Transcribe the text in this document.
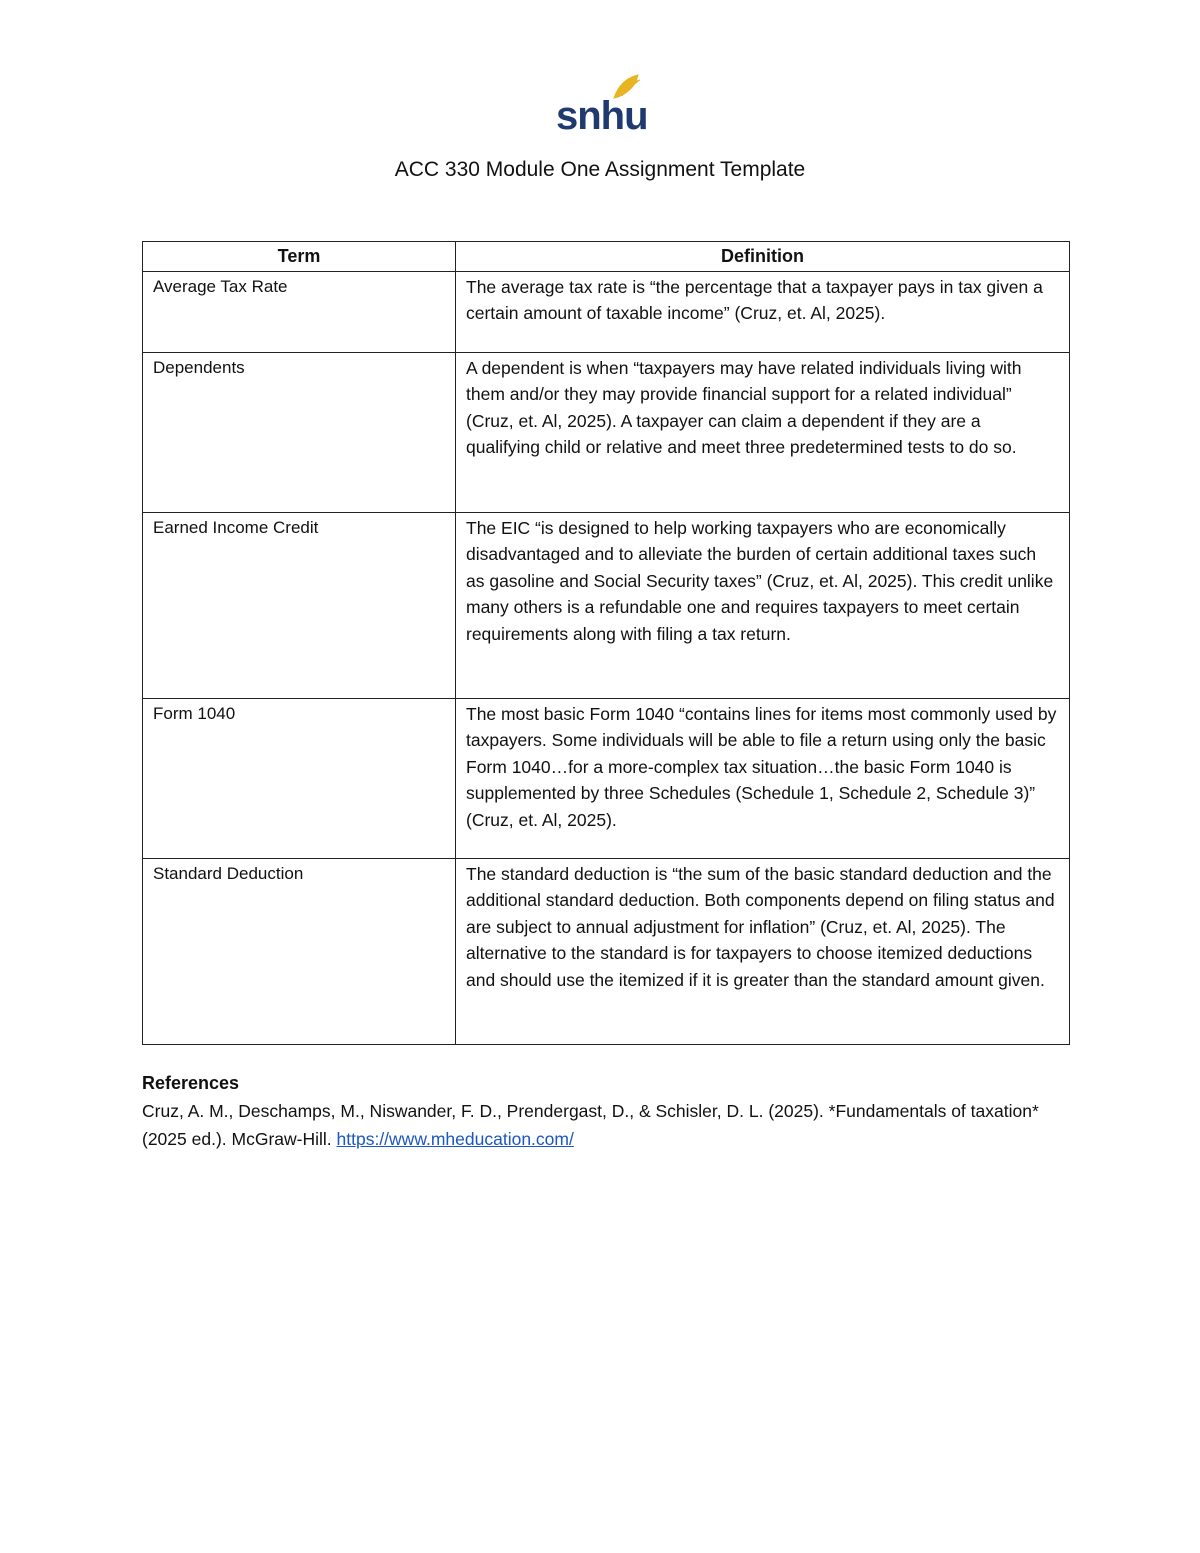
snhu
ACC 330 Module One Assignment Template
Term	Definition
Average Tax Rate	The average tax rate is “the percentage that a taxpayer pays in tax given a certain amount of taxable income” (Cruz, et. Al, 2025).
Dependents	A dependent is when “taxpayers may have related individuals living with them and/or they may provide financial support for a related individual” (Cruz, et. Al, 2025). A taxpayer can claim a dependent if they are a qualifying child or relative and meet three predetermined tests to do so.
Earned Income Credit	The EIC “is designed to help working taxpayers who are economically disadvantaged and to alleviate the burden of certain additional taxes such as gasoline and Social Security taxes” (Cruz, et. Al, 2025). This credit unlike many others is a refundable one and requires taxpayers to meet certain requirements along with filing a tax return.
Form 1040	The most basic Form 1040 “contains lines for items most commonly used by taxpayers. Some individuals will be able to file a return using only the basic Form 1040…for a more-complex tax situation…the basic Form 1040 is supplemented by three Schedules (Schedule 1, Schedule 2, Schedule 3)” (Cruz, et. Al, 2025).
Standard Deduction	The standard deduction is “the sum of the basic standard deduction and the additional standard deduction. Both components depend on filing status and are subject to annual adjustment for inflation” (Cruz, et. Al, 2025). The alternative to the standard is for taxpayers to choose itemized deductions and should use the itemized if it is greater than the standard amount given.
References
Cruz, A. M., Deschamps, M., Niswander, F. D., Prendergast, D., & Schisler, D. L. (2025). *Fundamentals of taxation* (2025 ed.). McGraw-Hill. https://www.mheducation.com/
